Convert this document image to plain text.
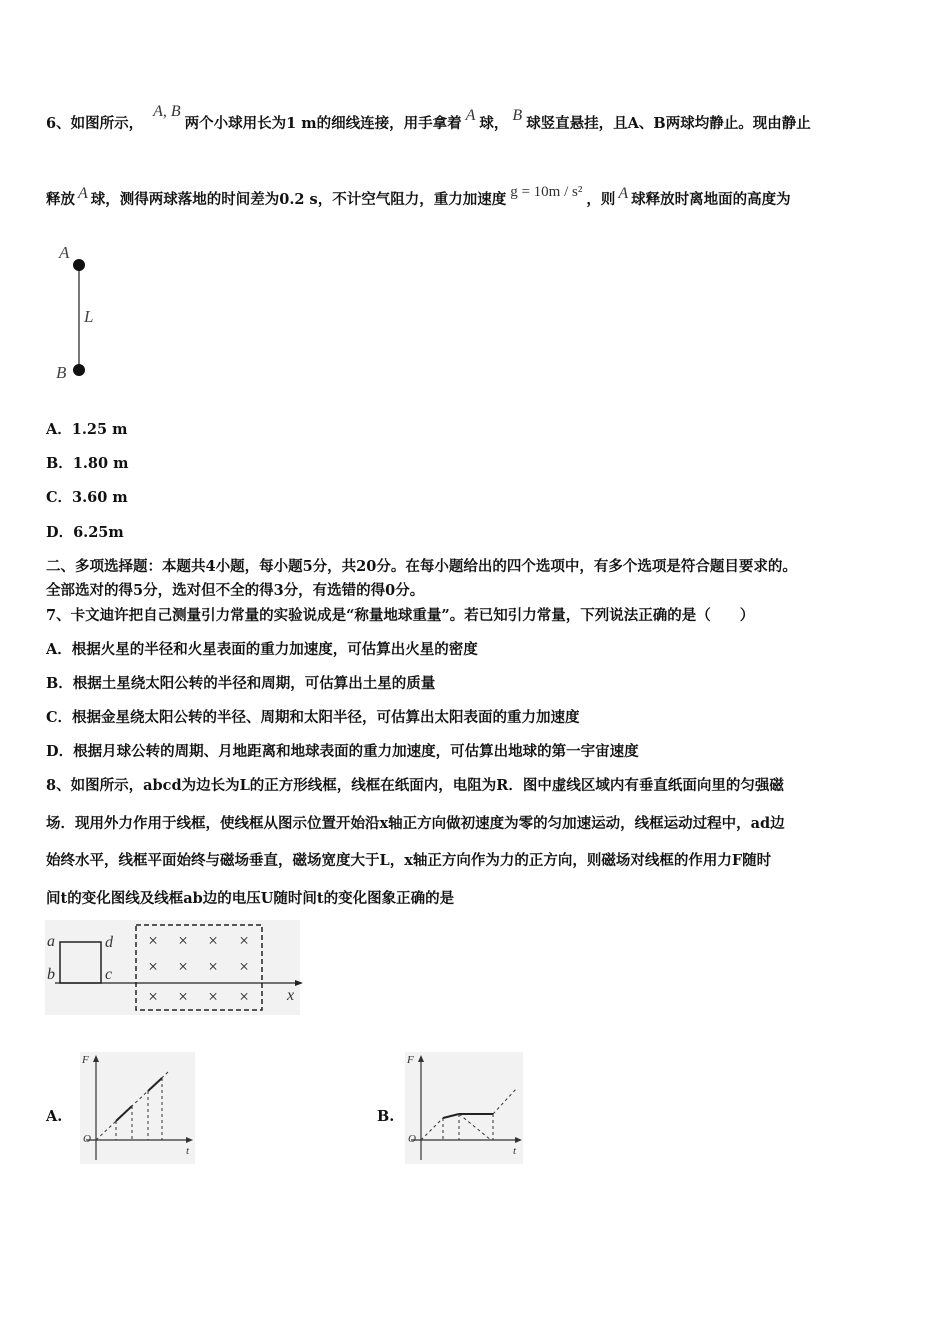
6、如图所示，A, B两个小球用长为1 m的细线连接，用手拿着 A 球， B 球竖直悬挂，且A、B两球均静止。现由静止
释放 A 球，测得两球落地的时间差为0.2 s，不计空气阻力，重力加速度 g = 10m / s² ，则 A 球释放时离地面的高度为
A
L
B
A．1.25 m
B．1.80 m
C．3.60 m
D．6.25m
二、多项选择题：本题共4小题，每小题5分，共20分。在每小题给出的四个选项中，有多个选项是符合题目要求的。
全部选对的得5分，选对但不全的得3分，有选错的得0分。
7、卡文迪许把自己测量引力常量的实验说成是“称量地球重量”。若已知引力常量，下列说法正确的是（　　）
A．根据火星的半径和火星表面的重力加速度，可估算出火星的密度
B．根据土星绕太阳公转的半径和周期，可估算出土星的质量
C．根据金星绕太阳公转的半径、周期和太阳半径，可估算出太阳表面的重力加速度
D．根据月球公转的周期、月地距离和地球表面的重力加速度，可估算出地球的第一宇宙速度
8、如图所示，abcd为边长为L的正方形线框，线框在纸面内，电阻为R．图中虚线区域内有垂直纸面向里的匀强磁
场．现用外力作用于线框，使线框从图示位置开始沿x轴正方向做初速度为零的匀加速运动，线框运动过程中，ad边
始终水平，线框平面始终与磁场垂直，磁场宽度大于L，x轴正方向作为力的正方向，则磁场对线框的作用力F随时
间t的变化图线及线框ab边的电压U随时间t的变化图象正确的是
a
b
d
c
x
× × × ×
× × × ×
× × × ×
A.
F
O
t
B.
F
O
t
